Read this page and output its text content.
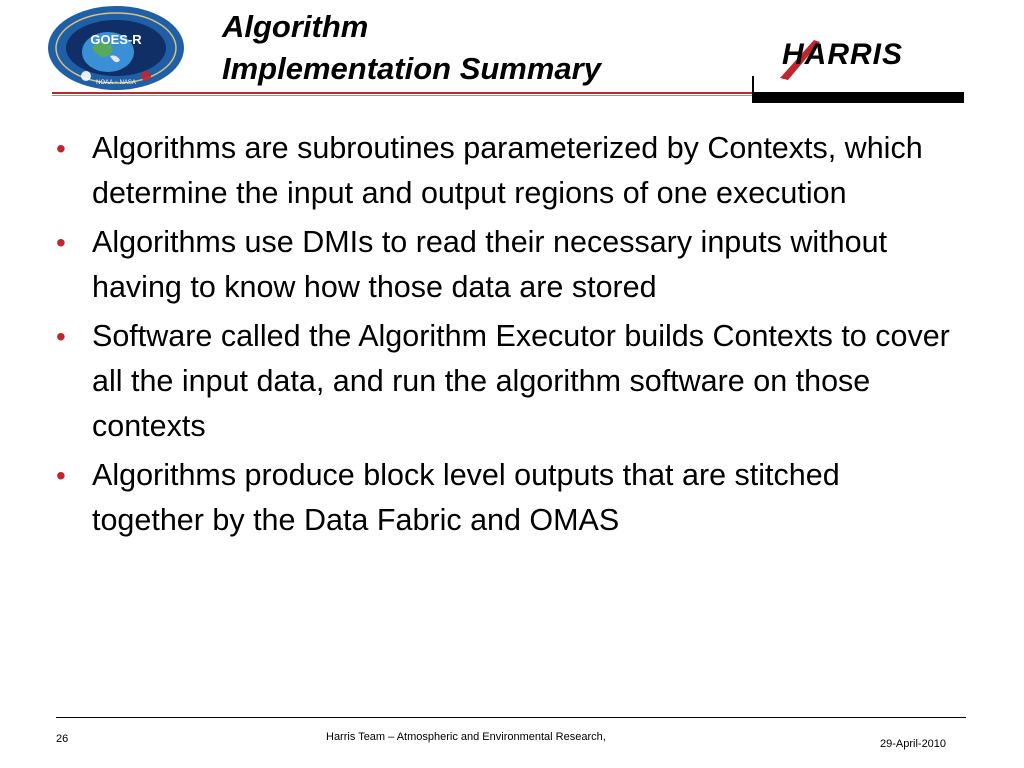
GOES-R
NOAA ~ NASA
Algorithm
Implementation Summary	HARRIS
• Algorithms are subroutines parameterized by Contexts, which determine the input and output regions of one execution
• Algorithms use DMIs to read their necessary inputs without having to know how those data are stored
• Software called the Algorithm Executor builds Contexts to cover all the input data, and run the algorithm software on those contexts
• Algorithms produce block level outputs that are stitched together by the Data Fabric and OMAS
26	Harris Team – Atmospheric and Environmental Research,
29-April-2010
